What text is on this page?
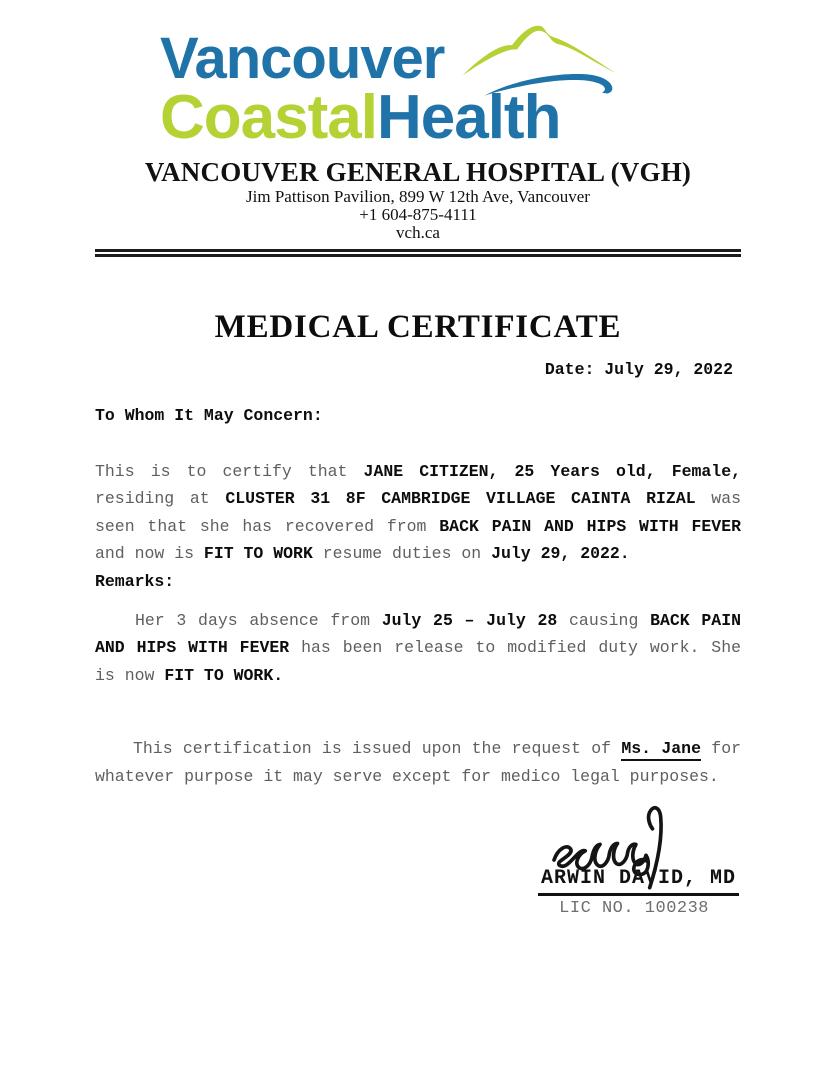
Vancouver
CoastalHealth
VANCOUVER GENERAL HOSPITAL (VGH)
Jim Pattison Pavilion, 899 W 12th Ave, Vancouver
+1 604-875-4111
vch.ca
MEDICAL CERTIFICATE
Date: July 29, 2022
To Whom It May Concern:
This is to certify that JANE CITIZEN, 25 Years old, Female,
residing at CLUSTER 31 8F CAMBRIDGE VILLAGE CAINTA RIZAL was
seen that she has recovered from BACK PAIN AND HIPS WITH FEVER
and now is FIT TO WORK resume duties on July 29, 2022.
Remarks:
Her 3 days absence from July 25 – July 28 causing BACK PAIN
AND HIPS WITH FEVER has been release to modified duty work. She
is now FIT TO WORK.
This certification is issued upon the request of Ms. Jane for
whatever purpose it may serve except for medico legal purposes.
ARWIN DAVID, MD
LIC NO. 100238
